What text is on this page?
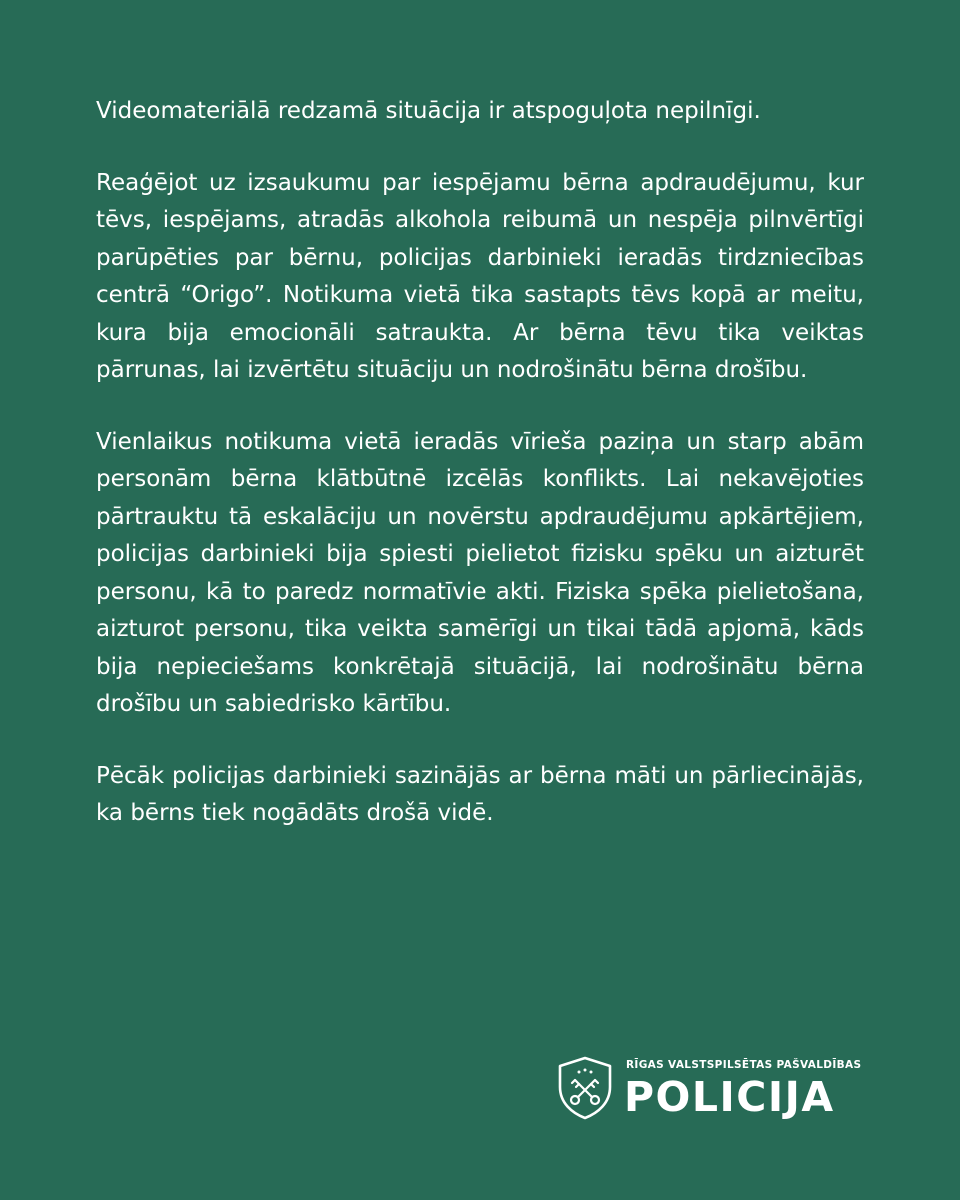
Videomateriālā redzamā situācija ir atspoguļota nepilnīgi.

Reaģējot uz izsaukumu par iespējamu bērna apdraudējumu, kur tēvs, iespējams, atradās alkohola reibumā un nespēja pilnvērtīgi parūpēties par bērnu, policijas darbinieki ieradās tirdzniecības centrā “Origo”. Notikuma vietā tika sastapts tēvs kopā ar meitu, kura bija emocionāli satraukta. Ar bērna tēvu tika veiktas pārrunas, lai izvērtētu situāciju un nodrošinātu bērna drošību.

Vienlaikus notikuma vietā ieradās vīrieša paziņa un starp abām personām bērna klātbūtnē izcēlās konflikts. Lai nekavējoties pārtrauktu tā eskalāciju un novērstu apdraudējumu apkārtējiem, policijas darbinieki bija spiesti pielietot fizisku spēku un aizturēt personu, kā to paredz normatīvie akti. Fiziska spēka pielietošana, aizturot personu, tika veikta samērīgi un tikai tādā apjomā, kāds bija nepieciešams konkrētajā situācijā, lai nodrošinātu bērna drošību un sabiedrisko kārtību.

Pēcāk policijas darbinieki sazinājās ar bērna māti un pārliecinājās, ka bērns tiek nogādāts drošā vidē.

RĪGAS VALSTSPILSĒTAS PAŠVALDĪBAS
POLICIJA
